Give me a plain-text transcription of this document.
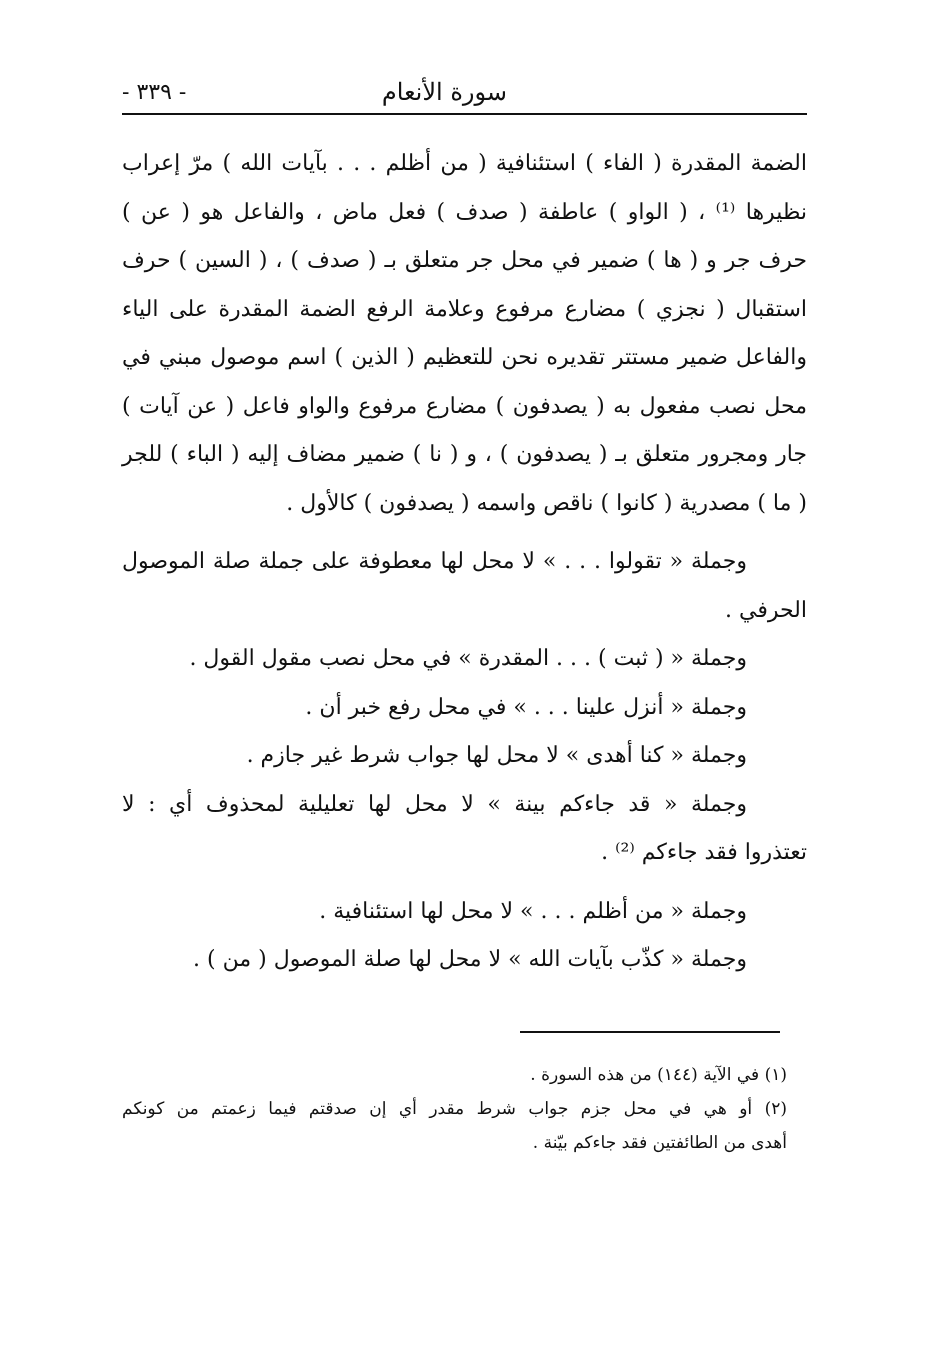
- ٣٣٩ -	سورة الأنعام
الضمة المقدرة ( الفاء ) استئنافية ( من أظلم . . . بآيات الله ) مرّ إعراب
نظيرها ⁽¹⁾ ، ( الواو ) عاطفة ( صدف ) فعل ماض ، والفاعل هو ( عن )
حرف جر و ( ها ) ضمير في محل جر متعلق بـ ( صدف ) ، ( السين ) حرف
استقبال ( نجزي ) مضارع مرفوع وعلامة الرفع الضمة المقدرة على الياء
والفاعل ضمير مستتر تقديره نحن للتعظيم ( الذين ) اسم موصول مبني في
محل نصب مفعول به ( يصدفون ) مضارع مرفوع والواو فاعل ( عن آيات )
جار ومجرور متعلق بـ ( يصدفون ) ، و ( نا ) ضمير مضاف إليه ( الباء ) للجر
( ما ) مصدرية ( كانوا ) ناقص واسمه ( يصدفون ) كالأول .
وجملة « تقولوا . . . » لا محل لها معطوفة على جملة صلة الموصول
الحرفي .
وجملة « ( ثبت ) . . . المقدرة » في محل نصب مقول القول .
وجملة « أنزل علينا . . . » في محل رفع خبر أن .
وجملة « كنا أهدى » لا محل لها جواب شرط غير جازم .
وجملة « قد جاءكم بينة » لا محل لها تعليلية لمحذوف أي : لا
تعتذروا فقد جاءكم ⁽²⁾ .
وجملة « من أظلم . . . » لا محل لها استئنافية .
وجملة « كذّب بآيات الله » لا محل لها صلة الموصول ( من ) .

(١) في الآية (١٤٤) من هذه السورة .

(٢) أو هي في محل جزم جواب شرط مقدر أي إن صدقتم فيما زعمتم من كونكم
أهدى من الطائفتين فقد جاءكم بيّنة .
